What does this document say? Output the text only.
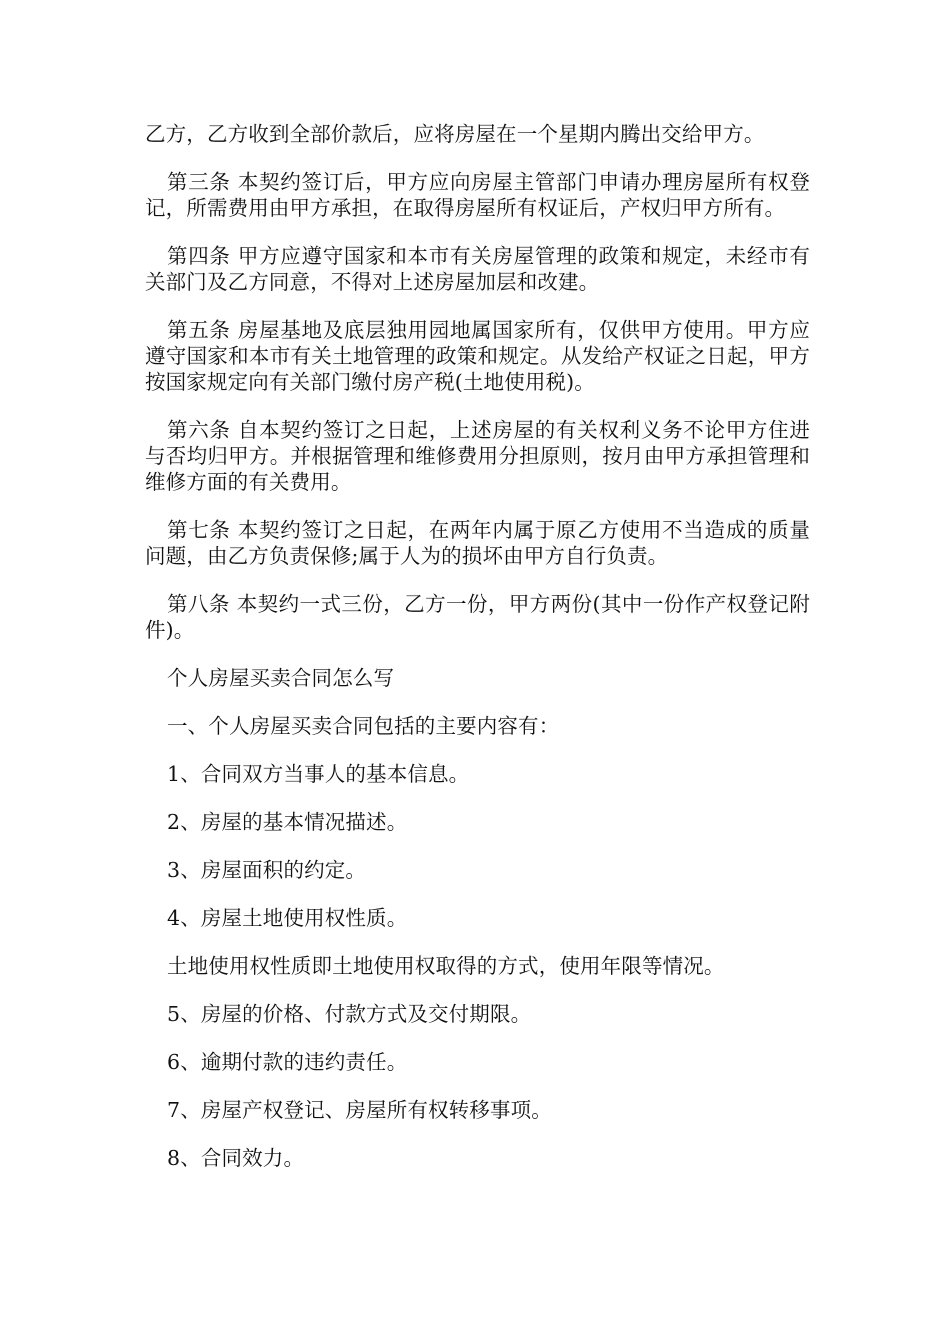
乙方，乙方收到全部价款后，应将房屋在一个星期内腾出交给甲方。

第三条 本契约签订后，甲方应向房屋主管部门申请办理房屋所有权登记，所需费用由甲方承担，在取得房屋所有权证后，产权归甲方所有。

第四条 甲方应遵守国家和本市有关房屋管理的政策和规定，未经市有关部门及乙方同意，不得对上述房屋加层和改建。

第五条 房屋基地及底层独用园地属国家所有，仅供甲方使用。甲方应遵守国家和本市有关土地管理的政策和规定。从发给产权证之日起，甲方按国家规定向有关部门缴付房产税(土地使用税)。

第六条 自本契约签订之日起，上述房屋的有关权利义务不论甲方住进与否均归甲方。并根据管理和维修费用分担原则，按月由甲方承担管理和维修方面的有关费用。

第七条 本契约签订之日起，在两年内属于原乙方使用不当造成的质量问题，由乙方负责保修;属于人为的损坏由甲方自行负责。

第八条 本契约一式三份，乙方一份，甲方两份(其中一份作产权登记附件)。

个人房屋买卖合同怎么写

一、个人房屋买卖合同包括的主要内容有：

1、合同双方当事人的基本信息。

2、房屋的基本情况描述。

3、房屋面积的约定。

4、房屋土地使用权性质。

土地使用权性质即土地使用权取得的方式，使用年限等情况。

5、房屋的价格、付款方式及交付期限。

6、逾期付款的违约责任。

7、房屋产权登记、房屋所有权转移事项。

8、合同效力。
